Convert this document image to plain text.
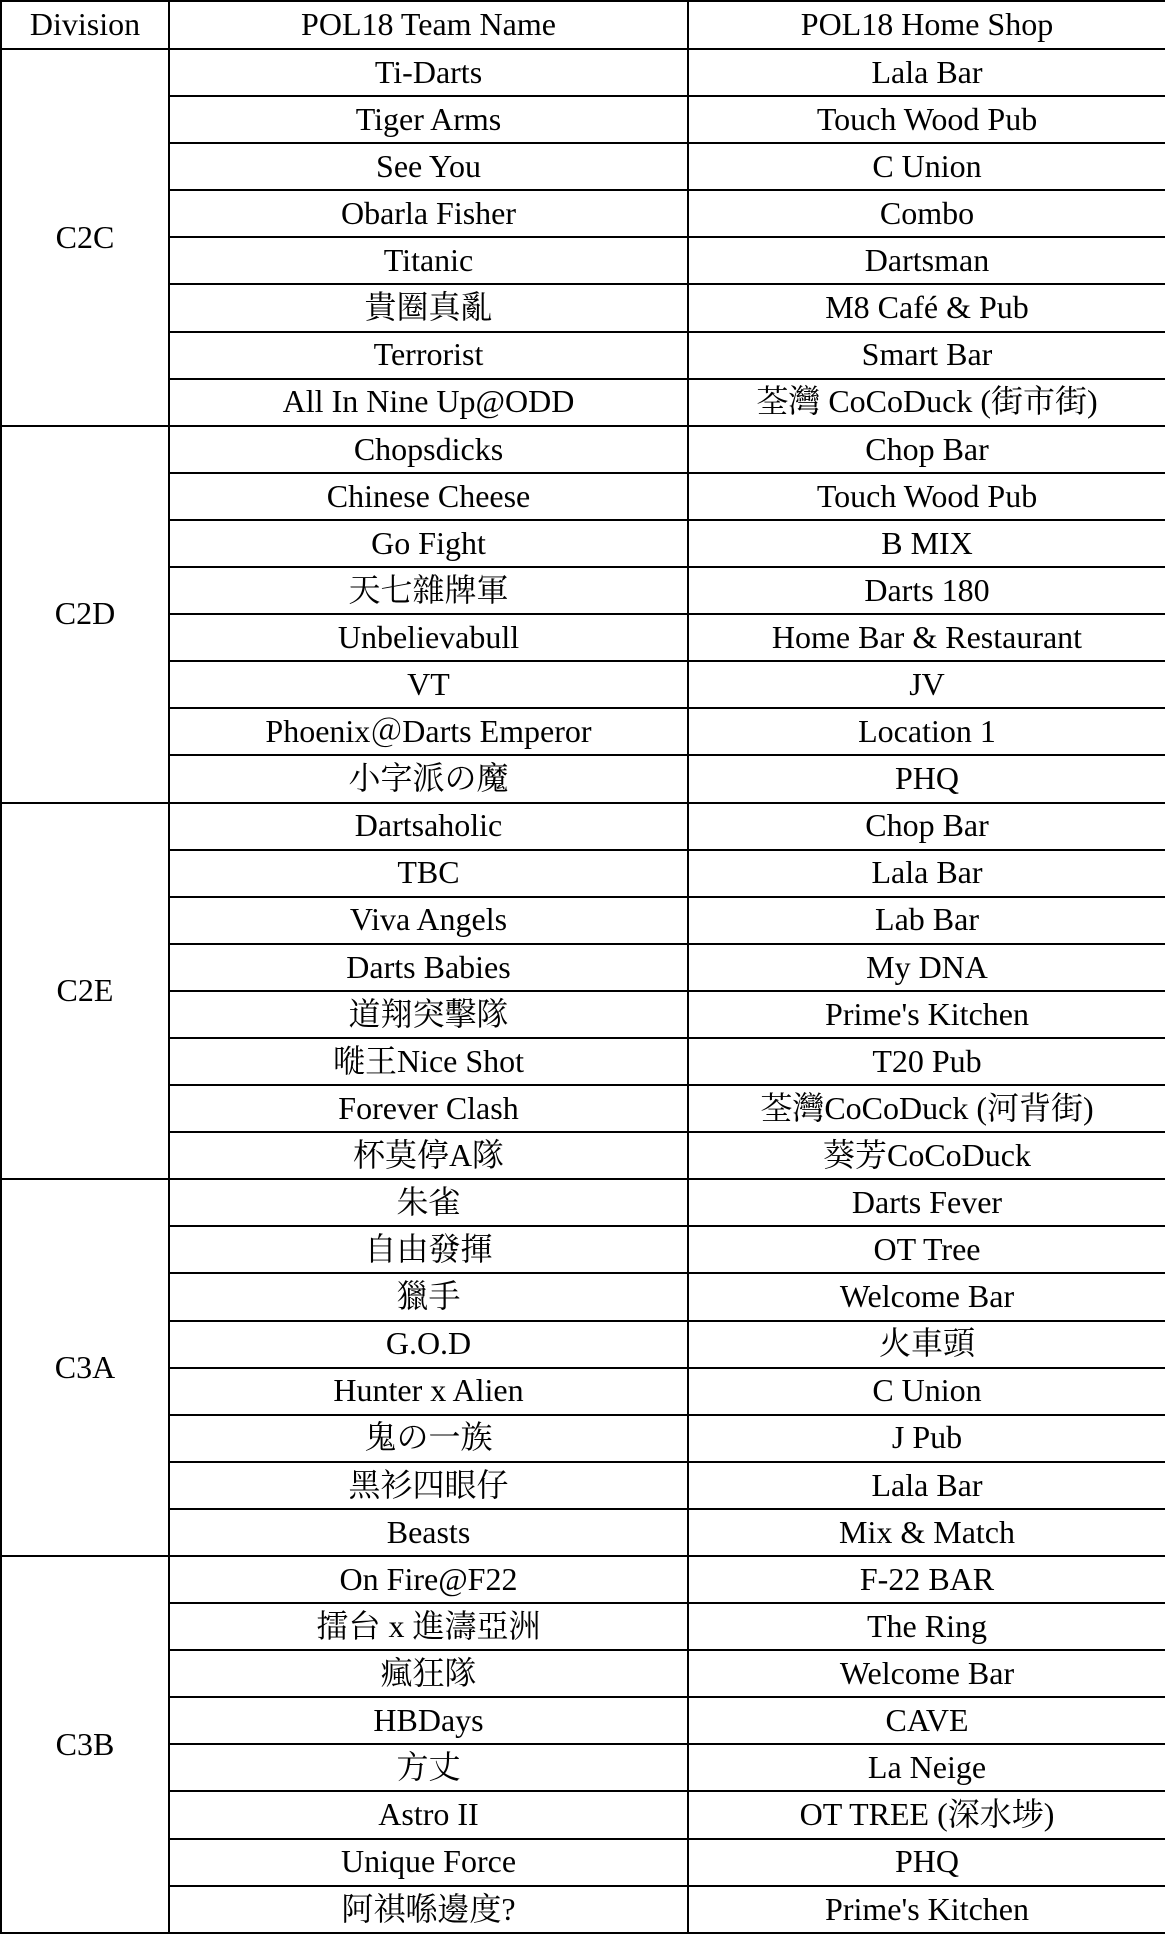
Division	POL18 Team Name	POL18 Home Shop
C2C	Ti-Darts	Lala Bar
	Tiger Arms	Touch Wood Pub
	See You	C Union
	Obarla Fisher	Combo
	Titanic	Dartsman
	貴圈真亂	M8 Café & Pub
	Terrorist	Smart Bar
	All In Nine Up@ODD	荃灣 CoCoDuck (街市街)
C2D	Chopsdicks	Chop Bar
	Chinese Cheese	Touch Wood Pub
	Go Fight	B MIX
	天七雜牌軍	Darts 180
	Unbelievabull	Home Bar & Restaurant
	VT	JV
	Phoenix＠Darts Emperor	Location 1
	小字派の魔	PHQ
C2E	Dartsaholic	Chop Bar
	TBC	Lala Bar
	Viva Angels	Lab Bar
	Darts Babies	My DNA
	道翔突擊隊	Prime's Kitchen
	嘥王Nice Shot	T20 Pub
	Forever Clash	荃灣CoCoDuck (河背街)
	杯莫停A隊	葵芳CoCoDuck
C3A	朱雀	Darts Fever
	自由發揮	OT Tree
	獵手	Welcome Bar
	G.O.D	火車頭
	Hunter x Alien	C Union
	鬼の一族	J Pub
	黑衫四眼仔	Lala Bar
	Beasts	Mix & Match
C3B	On Fire@F22	F-22 BAR
	擂台 x 進濤亞洲	The Ring
	瘋狂隊	Welcome Bar
	HBDays	CAVE
	方丈	La Neige
	Astro II	OT TREE (深水埗)
	Unique Force	PHQ
	阿祺喺邊度?	Prime's Kitchen
